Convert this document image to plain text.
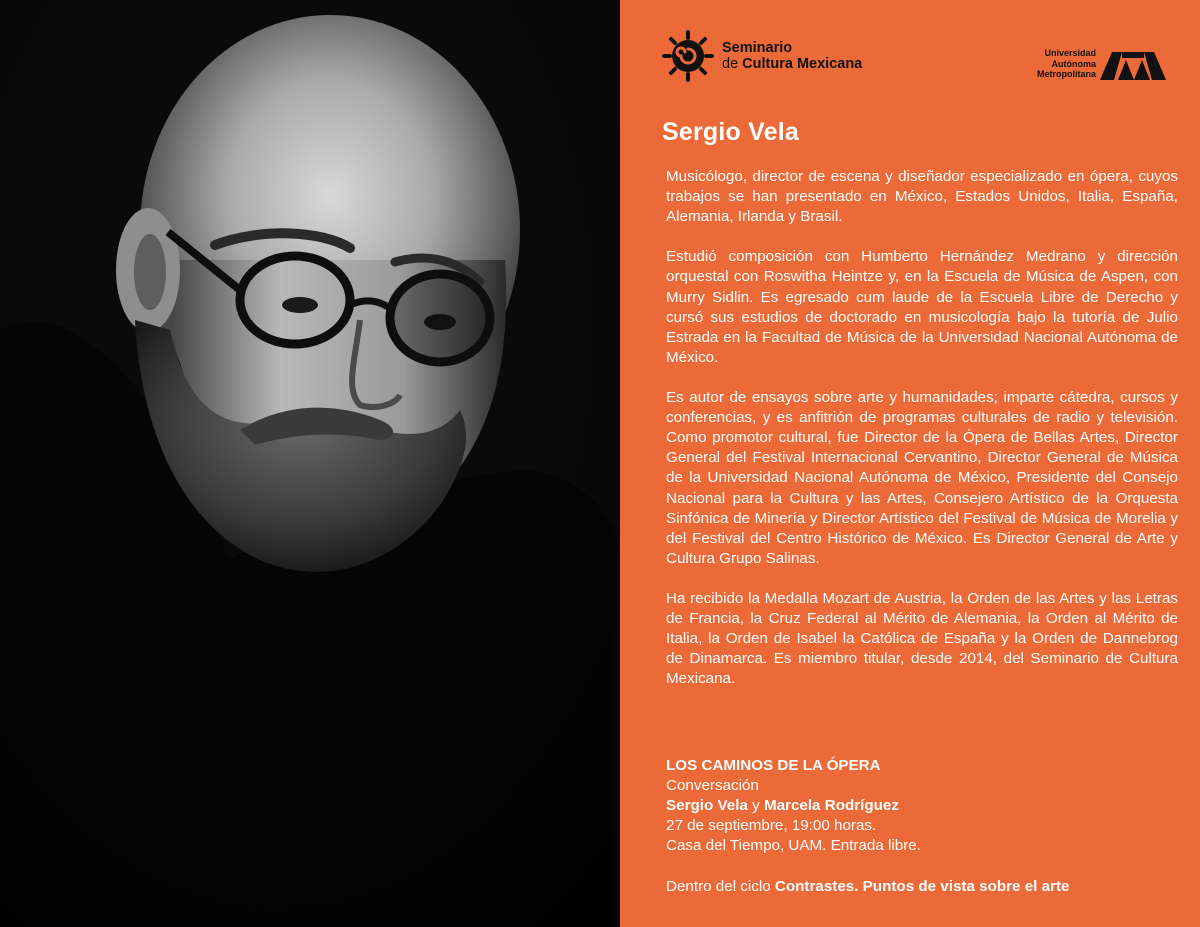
Seminario
de Cultura Mexicana
Universidad
Autónoma
Metropolitana
Sergio Vela

Musicólogo, director de escena y diseñador especializado en ópera, cuyos trabajos se han presentado en México, Estados Unidos, Italia, España, Alemania, Irlanda y Brasil.

Estudió composición con Humberto Hernández Medrano y dirección orquestal con Roswitha Heintze y, en la Escuela de Música de Aspen, con Murry Sidlin. Es egresado cum laude de la Escuela Libre de Derecho y cursó sus estudios de doctorado en musicología bajo la tutoría de Julio Estrada en la Facultad de Música de la Universidad Nacional Autónoma de México.

Es autor de ensayos sobre arte y humanidades; imparte cátedra, cursos y conferencias, y es anfitrión de programas culturales de radio y televisión. Como promotor cultural, fue Director de la Ópera de Bellas Artes, Director General del Festival Internacional Cervantino, Director General de Música de la Universidad Nacional Autónoma de México, Presidente del Consejo Nacional para la Cultura y las Artes, Consejero Artístico de la Orquesta Sinfónica de Minería y Director Artístico del Festival de Música de Morelia y del Festival del Centro Histórico de México. Es Director General de Arte y Cultura Grupo Salinas.

Ha recibido la Medalla Mozart de Austria, la Orden de las Artes y las Letras de Francia, la Cruz Federal al Mérito de Alemania, la Orden al Mérito de Italia, la Orden de Isabel la Católica de España y la Orden de Dannebrog de Dinamarca. Es miembro titular, desde 2014, del Seminario de Cultura Mexicana.

LOS CAMINOS DE LA ÓPERA
Conversación
Sergio Vela y Marcela Rodríguez
27 de septiembre, 19:00 horas.
Casa del Tiempo, UAM. Entrada libre.
Dentro del ciclo Contrastes. Puntos de vista sobre el arte
